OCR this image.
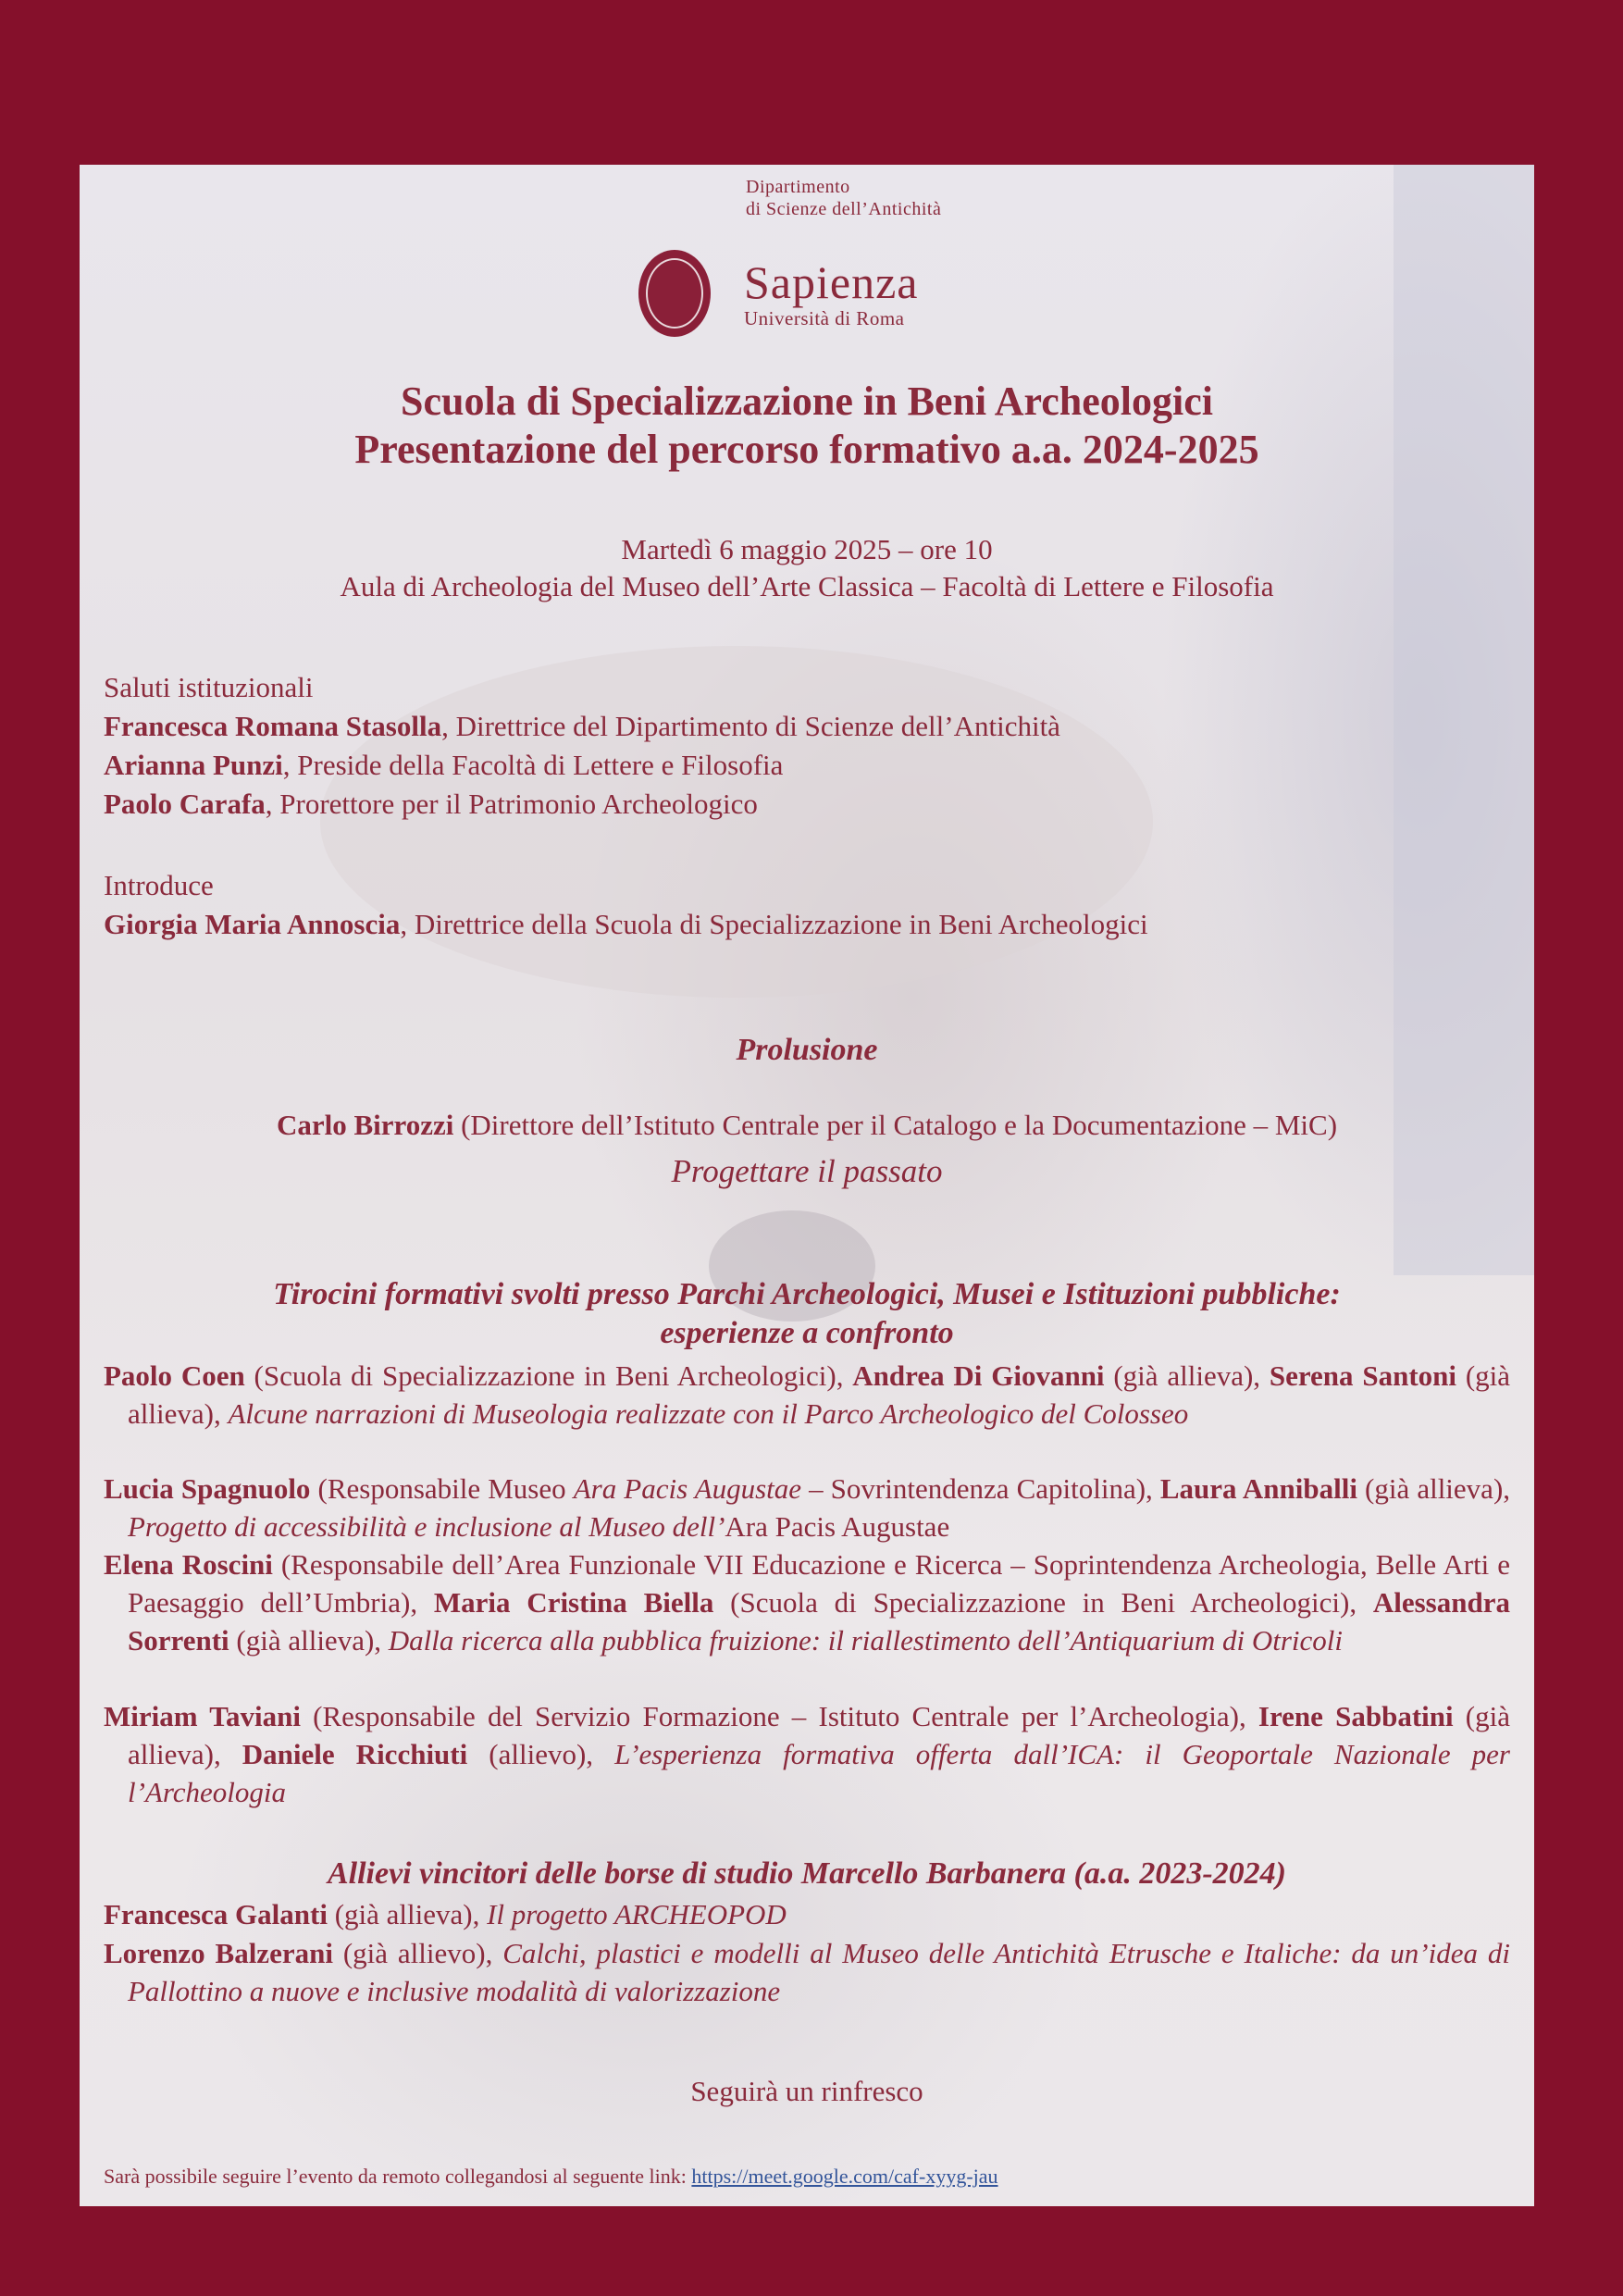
Dipartimento
di Scienze dell’Antichità
Sapienza
Università di Roma
Scuola di Specializzazione in Beni Archeologici
Presentazione del percorso formativo a.a. 2024-2025
Martedì 6 maggio 2025 – ore 10
Aula di Archeologia del Museo dell’Arte Classica – Facoltà di Lettere e Filosofia
Saluti istituzionali
Francesca Romana Stasolla, Direttrice del Dipartimento di Scienze dell’Antichità
Arianna Punzi, Preside della Facoltà di Lettere e Filosofia
Paolo Carafa, Prorettore per il Patrimonio Archeologico
Introduce
Giorgia Maria Annoscia, Direttrice della Scuola di Specializzazione in Beni Archeologici
Prolusione
Carlo Birrozzi (Direttore dell’Istituto Centrale per il Catalogo e la Documentazione – MiC)
Progettare il passato
Tirocini formativi svolti presso Parchi Archeologici, Musei e Istituzioni pubbliche:
esperienze a confronto
Paolo Coen (Scuola di Specializzazione in Beni Archeologici), Andrea Di Giovanni (già allieva), Serena Santoni (già allieva), Alcune narrazioni di Museologia realizzate con il Parco Archeologico del Colosseo
Lucia Spagnuolo (Responsabile Museo Ara Pacis Augustae – Sovrintendenza Capitolina), Laura Anniballi (già allieva), Progetto di accessibilità e inclusione al Museo dell’Ara Pacis Augustae
Elena Roscini (Responsabile dell’Area Funzionale VII Educazione e Ricerca – Soprintendenza Archeologia, Belle Arti e Paesaggio dell’Umbria), Maria Cristina Biella (Scuola di Specializzazione in Beni Archeologici), Alessandra Sorrenti (già allieva), Dalla ricerca alla pubblica fruizione: il riallestimento dell’Antiquarium di Otricoli
Miriam Taviani (Responsabile del Servizio Formazione – Istituto Centrale per l’Archeologia), Irene Sabbatini (già allieva), Daniele Ricchiuti (allievo), L’esperienza formativa offerta dall’ICA: il Geoportale Nazionale per l’Archeologia
Allievi vincitori delle borse di studio Marcello Barbanera (a.a. 2023-2024)
Francesca Galanti (già allieva), Il progetto ARCHEOPOD
Lorenzo Balzerani (già allievo), Calchi, plastici e modelli al Museo delle Antichità Etrusche e Italiche: da un’idea di Pallottino a nuove e inclusive modalità di valorizzazione
Seguirà un rinfresco
Sarà possibile seguire l’evento da remoto collegandosi al seguente link: https://meet.google.com/caf-xyyg-jau
